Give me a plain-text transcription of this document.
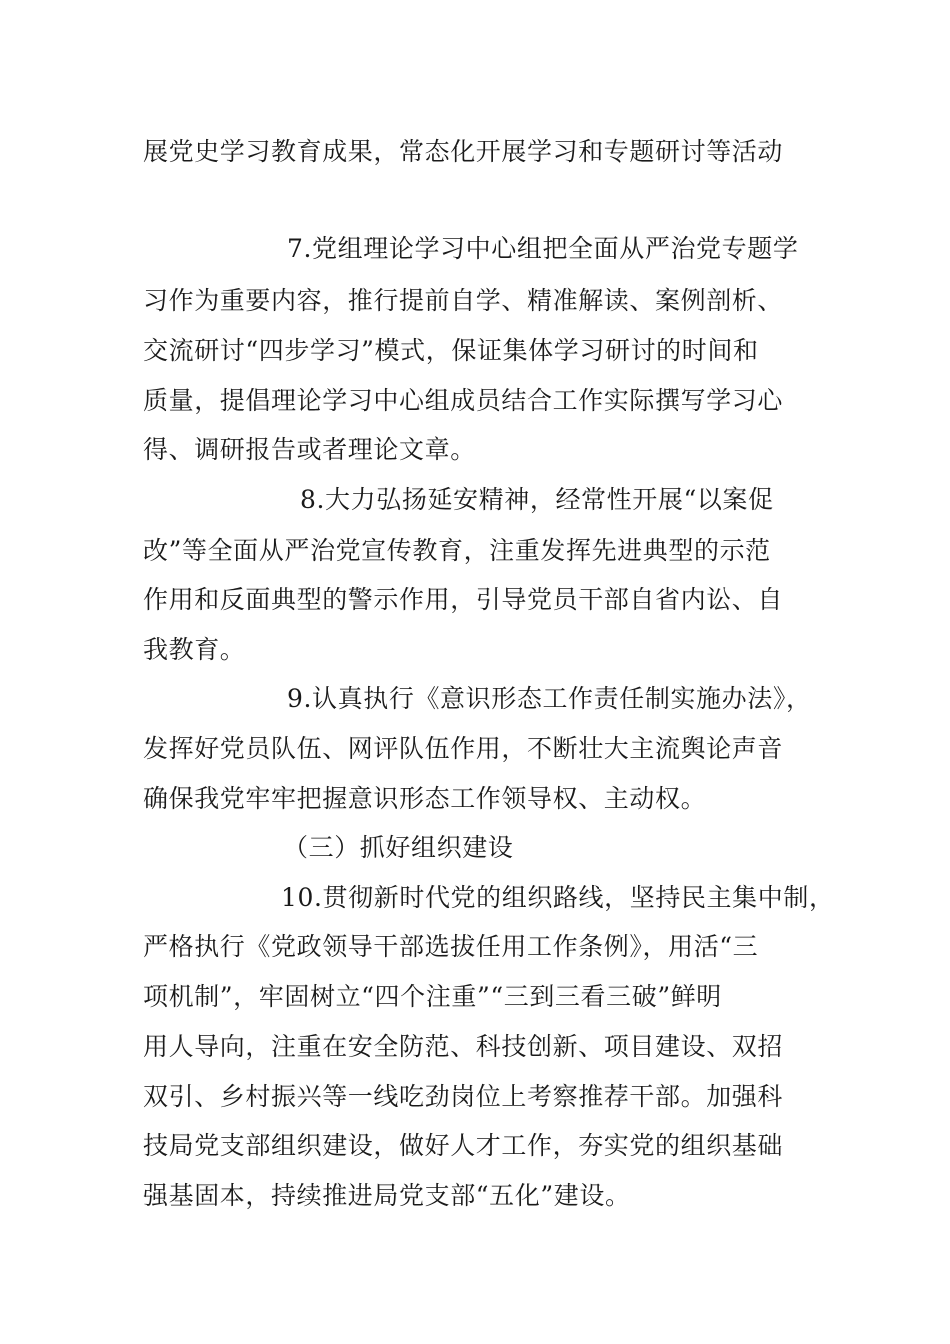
展党史学习教育成果，常态化开展学习和专题研讨等活动
7.党组理论学习中心组把全面从严治党专题学
习作为重要内容，推行提前自学、精准解读、案例剖析、
交流研讨“四步学习”模式，保证集体学习研讨的时间和
质量，提倡理论学习中心组成员结合工作实际撰写学习心
得、调研报告或者理论文章。
8.大力弘扬延安精神，经常性开展“以案促
改”等全面从严治党宣传教育，注重发挥先进典型的示范
作用和反面典型的警示作用，引导党员干部自省内讼、自
我教育。
9.认真执行《意识形态工作责任制实施办法》，
发挥好党员队伍、网评队伍作用，不断壮大主流舆论声音
确保我党牢牢把握意识形态工作领导权、主动权。
（三）抓好组织建设
10.贯彻新时代党的组织路线，坚持民主集中制，
严格执行《党政领导干部选拔任用工作条例》，用活“三
项机制”，牢固树立“四个注重”“三到三看三破”鲜明
用人导向，注重在安全防范、科技创新、项目建设、双招
双引、乡村振兴等一线吃劲岗位上考察推荐干部。加强科
技局党支部组织建设，做好人才工作，夯实党的组织基础
强基固本，持续推进局党支部“五化”建设。
